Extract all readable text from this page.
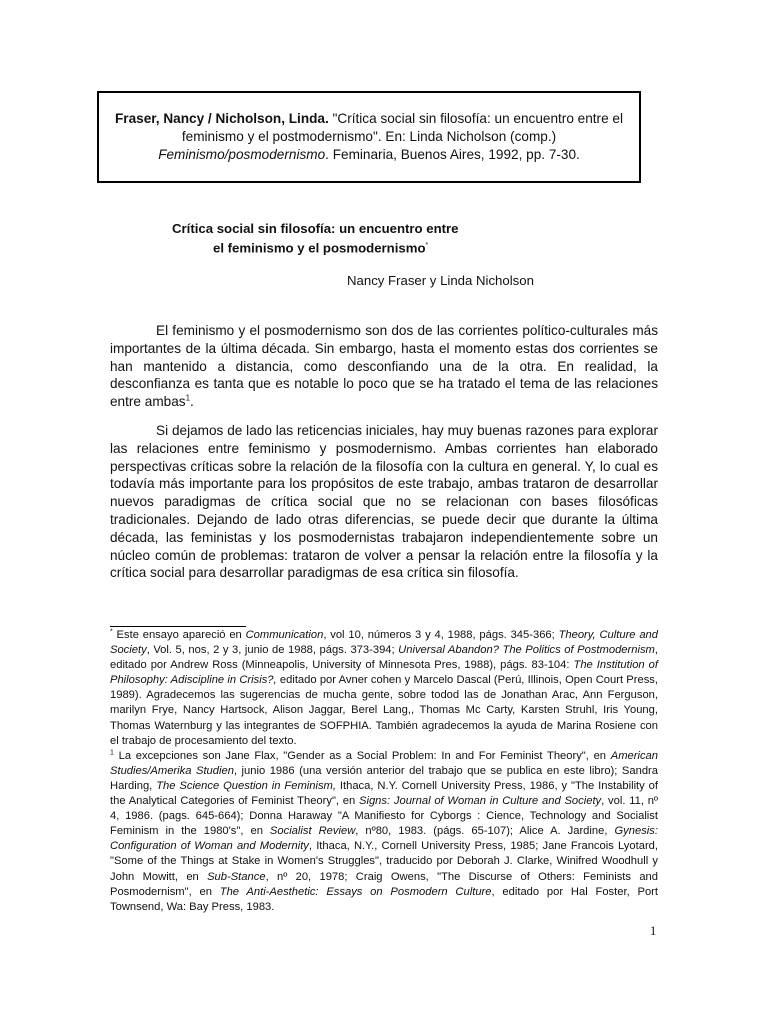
Fraser, Nancy / Nicholson, Linda. "Crítica social sin filosofía: un encuentro entre el feminismo y el postmodernismo". En: Linda Nicholson (comp.) Feminismo/posmodernismo. Feminaria, Buenos Aires, 1992, pp. 7-30.
Crítica social sin filosofía: un encuentro entre
el feminismo y el posmodernismo*
Nancy Fraser y Linda Nicholson

El feminismo y el posmodernismo son dos de las corrientes político-culturales más importantes de la última década. Sin embargo, hasta el momento estas dos corrientes se han mantenido a distancia, como desconfiando una de la otra. En realidad, la desconfianza es tanta que es notable lo poco que se ha tratado el tema de las relaciones entre ambas$^1$.

Si dejamos de lado las reticencias iniciales, hay muy buenas razones para explorar las relaciones entre feminismo y posmodernismo. Ambas corrientes han elaborado perspectivas críticas sobre la relación de la filosofía con la cultura en general. Y, lo cual es todavía más importante para los propósitos de este trabajo, ambas trataron de desarrollar nuevos paradigmas de crítica social que no se relacionan con bases filosóficas tradicionales. Dejando de lado otras diferencias, se puede decir que durante la última década, las feministas y los posmodernistas trabajaron independientemente sobre un núcleo común de problemas: trataron de volver a pensar la relación entre la filosofía y la crítica social para desarrollar paradigmas de esa crítica sin filosofía.

* Este ensayo apareció en Communication, vol 10, números 3 y 4, 1988, págs. 345-366; Theory, Culture and Society, Vol. 5, nos, 2 y 3, junio de 1988, págs. 373-394; Universal Abandon? The Politics of Postmodernism, editado por Andrew Ross (Minneapolis, University of Minnesota Pres, 1988), págs. 83-104: The Institution of Philosophy: Adiscipline in Crisis?, editado por Avner cohen y Marcelo Dascal (Perú, Illinois, Open Court Press, 1989). Agradecemos las sugerencias de mucha gente, sobre todod las de Jonathan Arac, Ann Ferguson, marilyn Frye, Nancy Hartsock, Alison Jaggar, Berel Lang,, Thomas Mc Carty, Karsten Struhl, Iris Young, Thomas Waternburg y las integrantes de SOFPHIA. También agradecemos la ayuda de Marina Rosiene con el trabajo de procesamiento del texto.

$^1$ La excepciones son Jane Flax, "Gender as a Social Problem: In and For Feminist Theory", en American Studies/Amerika Studien, junio 1986 (una versión anterior del trabajo que se publica en este libro); Sandra Harding, The Science Question in Feminism, Ithaca, N.Y. Cornell University Press, 1986, y "The Instability of the Analytical Categories of Feminist Theory", en Signs: Journal of Woman in Culture and Society, vol. 11, nº 4, 1986. (pags. 645-664); Donna Haraway "A Manifiesto for Cyborgs : Cience, Technology and Socialist Feminism in the 1980's", en Socialist Review, nº80, 1983. (págs. 65-107); Alice A. Jardine, Gynesis: Configuration of Woman and Modernity, Ithaca, N.Y., Cornell University Press, 1985; Jane Francois Lyotard, "Some of the Things at Stake in Women's Struggles", traducido por Deborah J. Clarke, Winifred Woodhull y John Mowitt, en Sub-Stance, nº 20, 1978; Craig Owens, "The Discurse of Others: Feminists and Posmodernism", en The Anti-Aesthetic: Essays on Posmodern Culture, editado por Hal Foster, Port Townsend, Wa: Bay Press, 1983.

1
